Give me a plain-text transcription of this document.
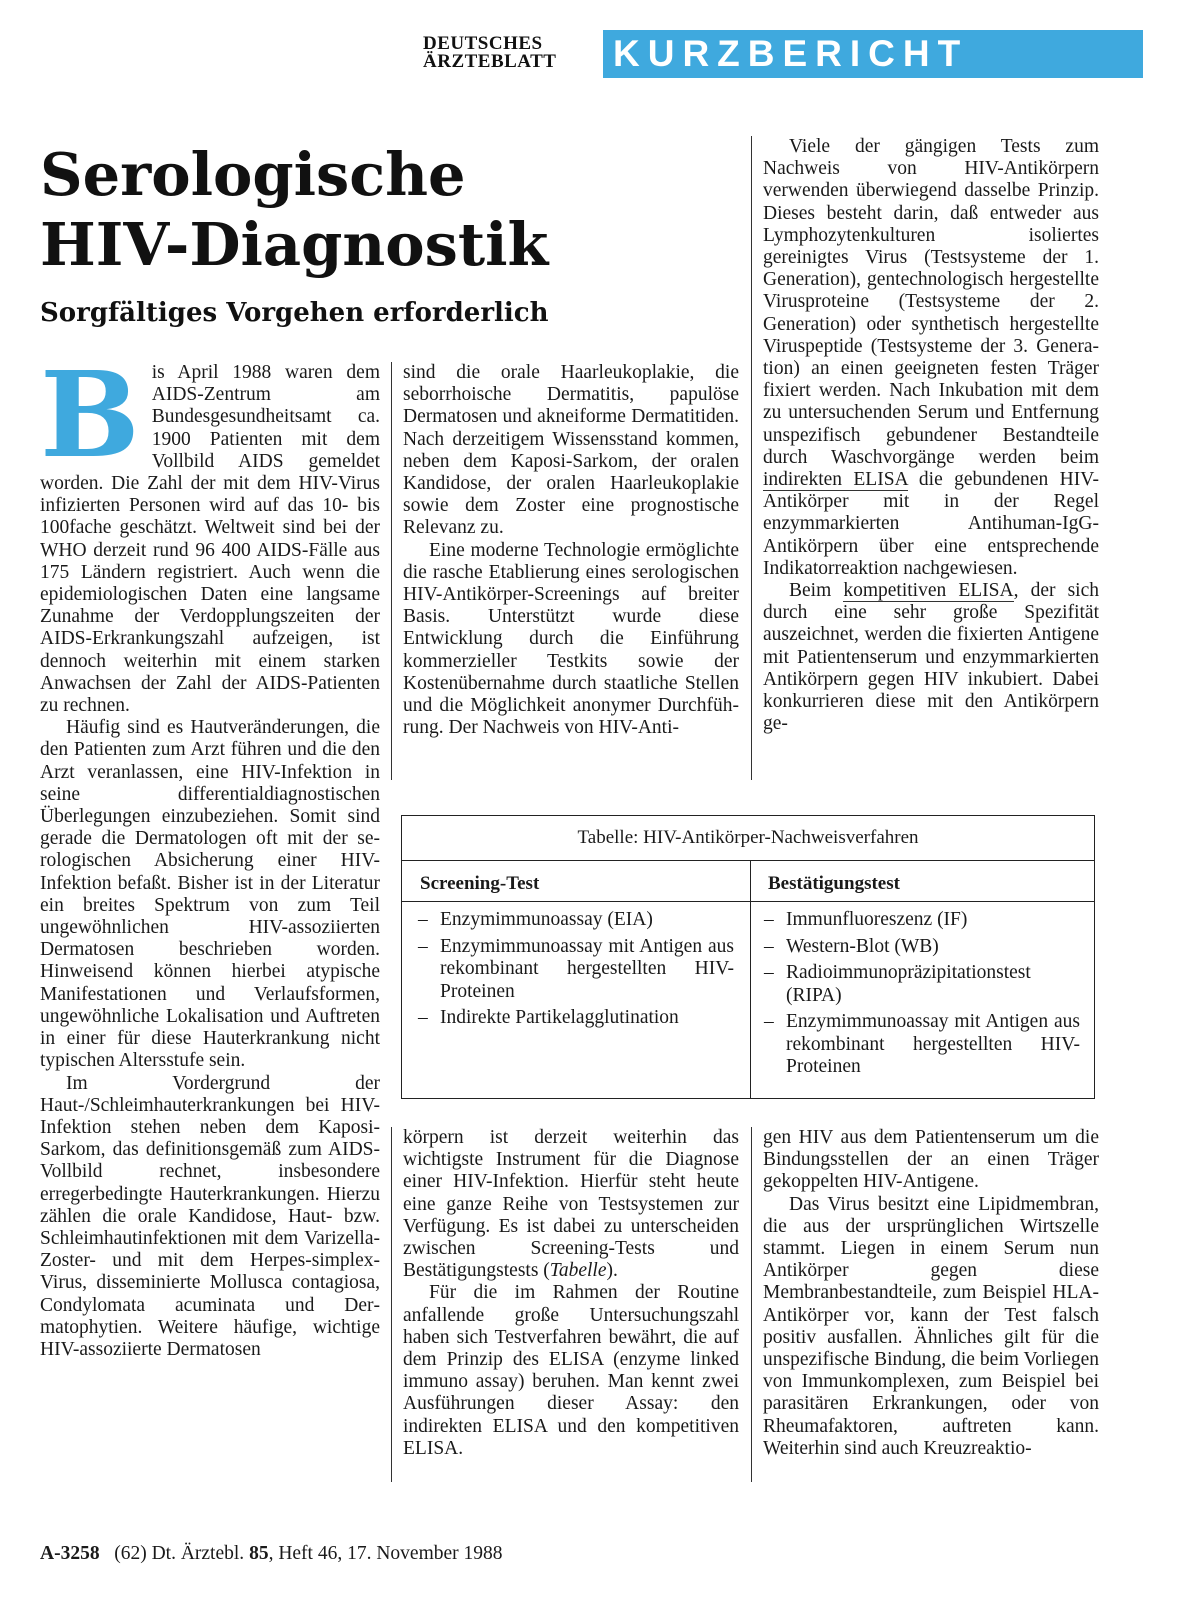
DEUTSCHES
ÄRZTEBLATT	KURZBERICHT
Serologische
HIV-Diagnostik
Sorgfältiges Vorgehen erforderlich

Bis April 1988 waren dem AIDS-Zentrum am Bundesgesundheitsamt ca. 1900 Patienten mit dem Vollbild AIDS gemeldet worden. Die Zahl der mit dem HIV-Virus infizierten Personen wird auf das 10- bis 100fache geschätzt. Weltweit sind bei der WHO derzeit rund 96 400 AIDS-Fälle aus 175 Ländern registriert. Auch wenn die epidemiologischen Daten eine langsame Zunahme der Verdopplungszeiten der AIDS-Erkrankungszahl aufzeigen, ist dennoch weiterhin mit einem starken Anwachsen der Zahl der AIDS-Patienten zu rechnen.

Häufig sind es Hautveränderungen, die den Patienten zum Arzt führen und die den Arzt veranlassen, eine HIV-Infektion in seine differentialdiagnostischen Überlegungen einzubeziehen. Somit sind gerade die Dermatologen oft mit der serologischen Absicherung einer HIV-Infektion befaßt. Bisher ist in der Literatur ein breites Spektrum von zum Teil ungewöhnlichen HIV-assoziierten Dermatosen beschrieben worden. Hinweisend können hierbei atypische Manifestationen und Verlaufsformen, ungewöhnliche Lokalisation und Auftreten in einer für diese Hauterkrankung nicht typischen Altersstufe sein.

Im Vordergrund der Haut-/Schleimhauterkrankungen bei HIV-Infektion stehen neben dem Kaposi-Sarkom, das definitionsgemäß zum AIDS-Vollbild rechnet, insbesondere erregerbedingte Hauterkrankungen. Hierzu zählen die orale Kandidose, Haut- bzw. Schleimhautinfektionen mit dem Varizella-Zoster- und mit dem Herpes-simplex-Virus, disseminierte Mollusca contagiosa, Condylomata acuminata und Dermatophytien. Weitere häufige, wichtige HIV-assoziierte Dermatosen

sind die orale Haarleukoplakie, die seborrhoische Dermatitis, papulöse Dermatosen und akneiforme Dermatitiden. Nach derzeitigem Wissensstand kommen, neben dem Kaposi-Sarkom, der oralen Kandidose, der oralen Haarleukoplakie sowie dem Zoster eine prognostische Relevanz zu.

Eine moderne Technologie ermöglichte die rasche Etablierung eines serologischen HIV-Antikörper-Screenings auf breiter Basis. Unterstützt wurde diese Entwicklung durch die Einführung kommerzieller Testkits sowie der Kostenübernahme durch staatliche Stellen und die Möglichkeit anonymer Durchführung. Der Nachweis von HIV-Anti-

Viele der gängigen Tests zum Nachweis von HIV-Antikörpern verwenden überwiegend dasselbe Prinzip. Dieses besteht darin, daß entweder aus Lymphozytenkulturen isoliertes gereinigtes Virus (Testsysteme der 1. Generation), gentechnologisch hergestellte Virusproteine (Testsysteme der 2. Generation) oder synthetisch hergestellte Viruspeptide (Testsysteme der 3. Generation) an einen geeigneten festen Träger fixiert werden. Nach Inkubation mit dem zu untersuchenden Serum und Entfernung unspezifisch gebundener Bestandteile durch Waschvorgänge werden beim indirekten ELISA die gebundenen HIV-Antikörper mit in der Regel enzymmarkierten Antihuman-IgG-Antikörpern über eine entsprechende Indikatorreaktion nachgewiesen.

Beim kompetitiven ELISA, der sich durch eine sehr große Spezifität auszeichnet, werden die fixierten Antigene mit Patientenserum und enzymmarkierten Antikörpern gegen HIV inkubiert. Dabei konkurrieren diese mit den Antikörpern ge-

Tabelle: HIV-Antikörper-Nachweisverfahren
Screening-Test	Bestätigungstest
– Enzymimmunoassay (EIA)
– Enzymimmunoassay mit Antigen aus rekombinant hergestellten HIV-Proteinen
– Indirekte Partikelagglutination
– Immunfluoreszenz (IF)
– Western-Blot (WB)
– Radioimmunopräzipitationstest (RIPA)
– Enzymimmunoassay mit Antigen aus rekombinant hergestellten HIV-Proteinen

körpern ist derzeit weiterhin das wichtigste Instrument für die Diagnose einer HIV-Infektion. Hierfür steht heute eine ganze Reihe von Testsystemen zur Verfügung. Es ist dabei zu unterscheiden zwischen Screening-Tests und Bestätigungstests (Tabelle).

Für die im Rahmen der Routine anfallende große Untersuchungszahl haben sich Testverfahren bewährt, die auf dem Prinzip des ELISA (enzyme linked immuno assay) beruhen. Man kennt zwei Ausführungen dieser Assay: den indirekten ELISA und den kompetitiven ELISA.

gen HIV aus dem Patientenserum um die Bindungsstellen der an einen Träger gekoppelten HIV-Antigene.

Das Virus besitzt eine Lipidmembran, die aus der ursprünglichen Wirtszelle stammt. Liegen in einem Serum nun Antikörper gegen diese Membranbestandteile, zum Beispiel HLA-Antikörper vor, kann der Test falsch positiv ausfallen. Ähnliches gilt für die unspezifische Bindung, die beim Vorliegen von Immunkomplexen, zum Beispiel bei parasitären Erkrankungen, oder von Rheumafaktoren, auftreten kann. Weiterhin sind auch Kreuzreaktio-

A-3258 (62) Dt. Ärztebl. 85, Heft 46, 17. November 1988
